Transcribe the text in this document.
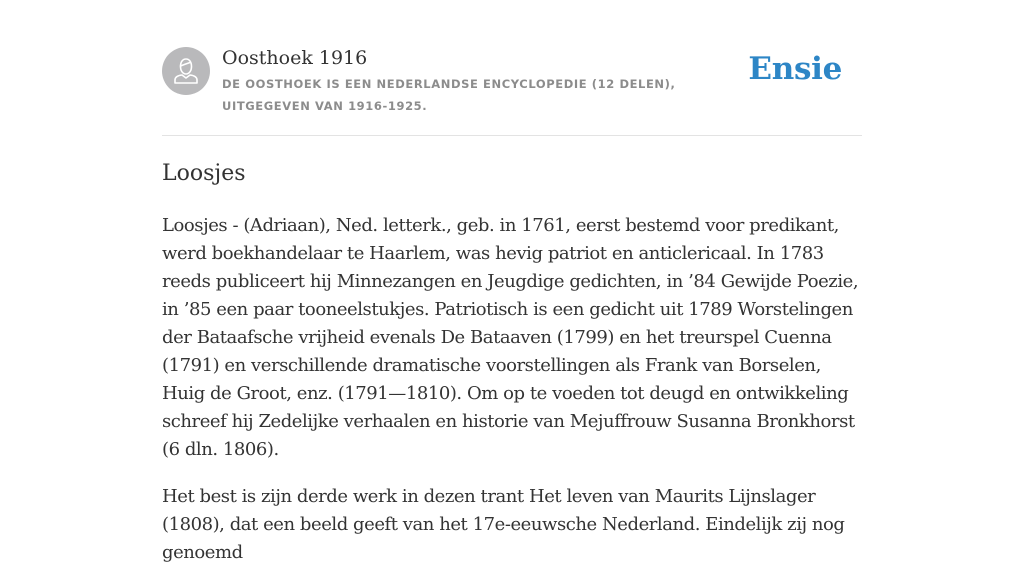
Oosthoek 1916
DE OOSTHOEK IS EEN NEDERLANDSE ENCYCLOPEDIE (12 DELEN), UITGEGEVEN VAN 1916-1925.
Ensie
Loosjes

Loosjes - (Adriaan), Ned. letterk., geb. in 1761, eerst bestemd voor predikant, werd boekhandelaar te Haarlem, was hevig patriot en anticlericaal. In 1783 reeds publiceert hij Minnezangen en Jeugdige gedichten, in ’84 Gewijde Poezie, in ’85 een paar tooneelstukjes. Patriotisch is een gedicht uit 1789 Worstelingen der Bataafsche vrijheid evenals De Bataaven (1799) en het treurspel Cuenna (1791) en verschillende dramatische voorstellingen als Frank van Borselen, Huig de Groot, enz. (1791—1810). Om op te voeden tot deugd en ontwikkeling schreef hij Zedelijke verhaalen en historie van Mejuffrouw Susanna Bronkhorst (6 dln. 1806).

Het best is zijn derde werk in dezen trant Het leven van Maurits Lijnslager (1808), dat een beeld geeft van het 17e-eeuwsche Nederland. Eindelijk zij nog genoemd
